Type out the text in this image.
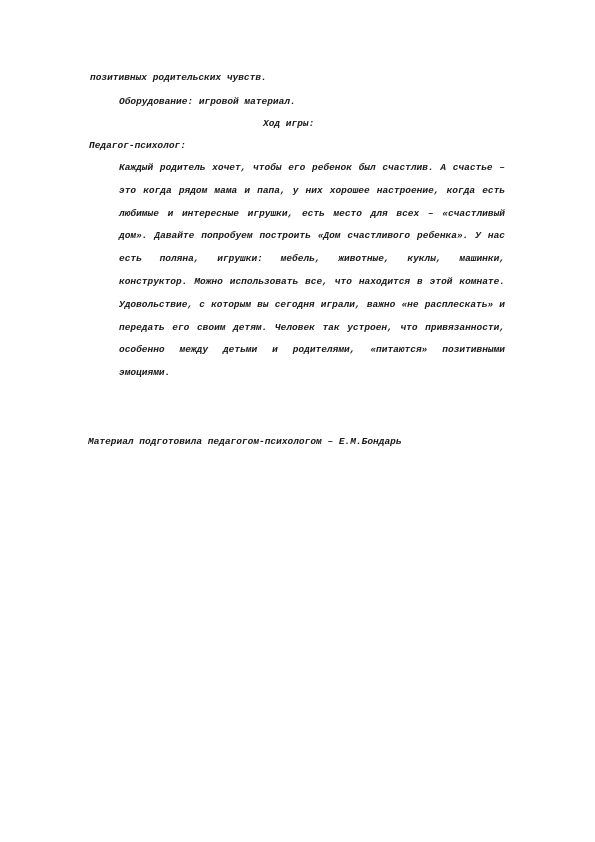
позитивных родительских чувств.
Оборудование: игровой материал.
Ход игры:
Педагог-психолог:

Каждый родитель хочет, чтобы его ребенок был счастлив. А счастье – это когда рядом мама и папа, у них хорошее настроение, когда есть любимые и интересные игрушки, есть место для всех – «счастливый дом». Давайте попробуем построить «Дом счастливого ребенка». У нас есть поляна, игрушки: мебель, животные, куклы, машинки, конструктор. Можно использовать все, что находится в этой комнате. Удовольствие, с которым вы сегодня играли, важно «не расплескать» и передать его своим детям. Человек так устроен, что привязанности, особенно между детьми и родителями, «питаются» позитивными эмоциями.

Материал подготовила педагогом-психологом – Е.М.Бондарь
